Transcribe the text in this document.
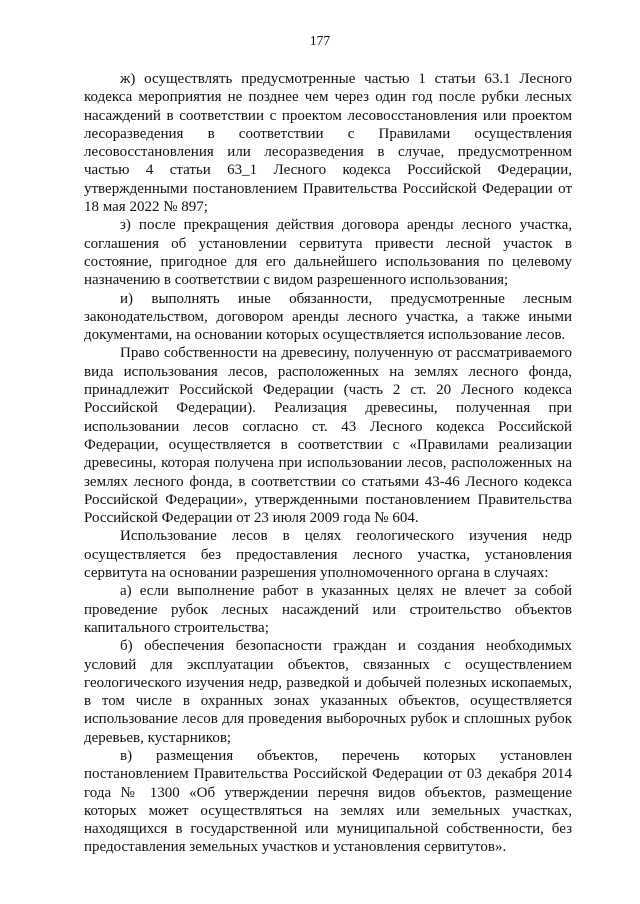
177

ж) осуществлять предусмотренные частью 1 статьи 63.1 Лесного кодекса мероприятия не позднее чем через один год после рубки лесных насаждений в соответствии с проектом лесовосстановления или проектом лесоразведения в соответствии с Правилами осуществления лесовосстановления или лесоразведения в случае, предусмотренном частью 4 статьи 63_1 Лесного кодекса Российской Федерации, утвержденными постановлением Правительства Российской Федерации от 18 мая 2022 № 897;

з) после прекращения действия договора аренды лесного участка, соглашения об установлении сервитута привести лесной участок в состояние, пригодное для его дальнейшего использования по целевому назначению в соответствии с видом разрешенного использования;

и) выполнять иные обязанности, предусмотренные лесным законодательством, договором аренды лесного участка, а также иными документами, на основании которых осуществляется использование лесов.

Право собственности на древесину, полученную от рассматриваемого вида использования лесов, расположенных на землях лесного фонда, принадлежит Российской Федерации (часть 2 ст. 20 Лесного кодекса Российской Федерации). Реализация древесины, полученная при использовании лесов согласно ст. 43 Лесного кодекса Российской Федерации, осуществляется в соответствии с «Правилами реализации древесины, которая получена при использовании лесов, расположенных на землях лесного фонда, в соответствии со статьями 43-46 Лесного кодекса Российской Федерации», утвержденными постановлением Правительства Российской Федерации от 23 июля 2009 года № 604.

Использование лесов в целях геологического изучения недр осуществляется без предоставления лесного участка, установления сервитута на основании разрешения уполномоченного органа в случаях:

а) если выполнение работ в указанных целях не влечет за собой проведение рубок лесных насаждений или строительство объектов капитального строительства;

б) обеспечения безопасности граждан и создания необходимых условий для эксплуатации объектов, связанных с осуществлением геологического изучения недр, разведкой и добычей полезных ископаемых, в том числе в охранных зонах указанных объектов, осуществляется использование лесов для проведения выборочных рубок и сплошных рубок деревьев, кустарников;

в) размещения объектов, перечень которых установлен постановлением Правительства Российской Федерации от 03 декабря 2014 года № 1300 «Об утверждении перечня видов объектов, размещение которых может осуществляться на землях или земельных участках, находящихся в государственной или муниципальной собственности, без предоставления земельных участков и установления сервитутов».
